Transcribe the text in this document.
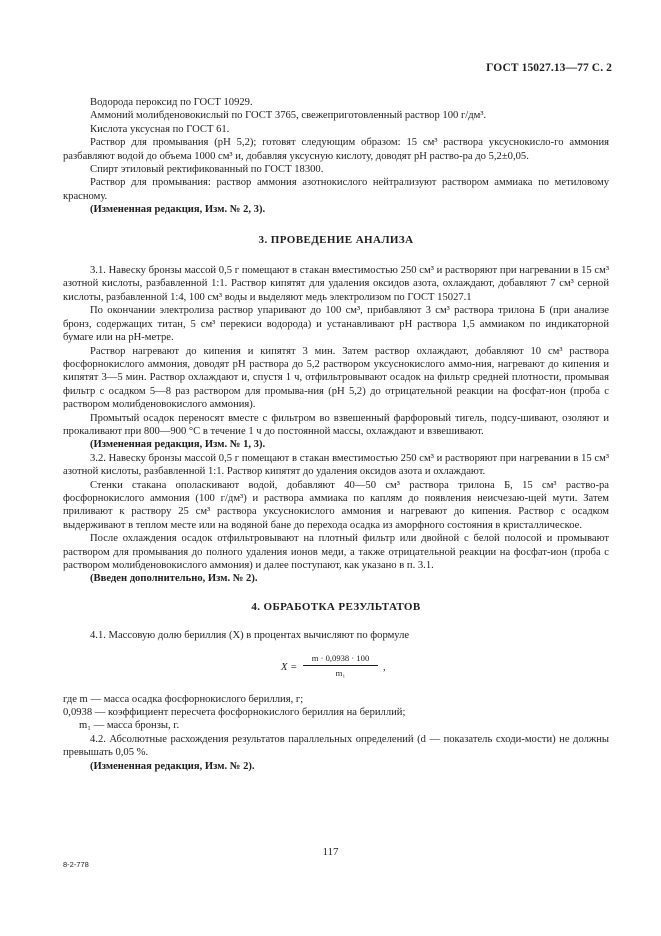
ГОСТ 15027.13—77 С. 2

Водорода пероксид по ГОСТ 10929.

Аммоний молибденовокислый по ГОСТ 3765, свежеприготовленный раствор 100 г/дм³.

Кислота уксусная по ГОСТ 61.

Раствор для промывания (рН 5,2); готовят следующим образом: 15 см³ раствора уксуснокисло-го аммония разбавляют водой до объема 1000 см³ и, добавляя уксусную кислоту, доводят рН раство-ра до 5,2±0,05.

Спирт этиловый ректификованный по ГОСТ 18300.

Раствор для промывания: раствор аммония азотнокислого нейтрализуют раствором аммиака по метиловому красному.

(Измененная редакция, Изм. № 2, 3).

3. ПРОВЕДЕНИЕ АНАЛИЗА

3.1. Навеску бронзы массой 0,5 г помещают в стакан вместимостью 250 см³ и растворяют при нагревании в 15 см³ азотной кислоты, разбавленной 1:1. Раствор кипятят для удаления оксидов азота, охлаждают, добавляют 7 см³ серной кислоты, разбавленной 1:4, 100 см³ воды и выделяют медь электролизом по ГОСТ 15027.1

По окончании электролиза раствор упаривают до 100 см³, прибавляют 3 см³ раствора трилона Б (при анализе бронз, содержащих титан, 5 см³ перекиси водорода) и устанавливают рН раствора 1,5 аммиаком по индикаторной бумаге или на рН-метре.

Раствор нагревают до кипения и кипятят 3 мин. Затем раствор охлаждают, добавляют 10 см³ раствора фосфорнокислого аммония, доводят рН раствора до 5,2 раствором уксуснокислого аммо-ния, нагревают до кипения и кипятят 3—5 мин. Раствор охлаждают и, спустя 1 ч, отфильтровывают осадок на фильтр средней плотности, промывая фильтр с осадком 5—8 раз раствором для промыва-ния (рН 5,2) до отрицательной реакции на фосфат-ион (проба с раствором молибденовокислого аммония).

Промытый осадок переносят вместе с фильтром во взвешенный фарфоровый тигель, подсу-шивают, озоляют и прокаливают при 800—900 °С в течение 1 ч до постоянной массы, охлаждают и взвешивают.

(Измененная редакция, Изм. № 1, 3).

3.2. Навеску бронзы массой 0,5 г помещают в стакан вместимостью 250 см³ и растворяют при нагревании в 15 см³ азотной кислоты, разбавленной 1:1. Раствор кипятят до удаления оксидов азота и охлаждают.

Стенки стакана ополаскивают водой, добавляют 40—50 см³ раствора трилона Б, 15 см³ раство-ра фосфорнокислого аммония (100 г/дм³) и раствора аммиака по каплям до появления неисчезаю-щей мути. Затем приливают к раствору 25 см³ раствора уксуснокислого аммония и нагревают до кипения. Раствор с осадком выдерживают в теплом месте или на водяной бане до перехода осадка из аморфного состояния в кристаллическое.

После охлаждения осадок отфильтровывают на плотный фильтр или двойной с белой полосой и промывают раствором для промывания до полного удаления ионов меди, а также отрицательной реакции на фосфат-ион (проба с раствором молибденовокислого аммония) и далее поступают, как указано в п. 3.1.

(Введен дополнительно, Изм. № 2).

4. ОБРАБОТКА РЕЗУЛЬТАТОВ

4.1. Массовую долю бериллия (X) в процентах вычисляют по формуле

$X = \frac{m \cdot 0,0938 \cdot 100}{\text{m₁}}$ ,

где m — масса осадка фосфорнокислого бериллия, г;

0,0938 — коэффициент пересчета фосфорнокислого бериллия на бериллий;

m₁ — масса бронзы, г.

4.2. Абсолютные расхождения результатов параллельных определений (d — показатель сходи-мости) не должны превышать 0,05 %.

(Измененная редакция, Изм. № 2).

117
8-2-778
